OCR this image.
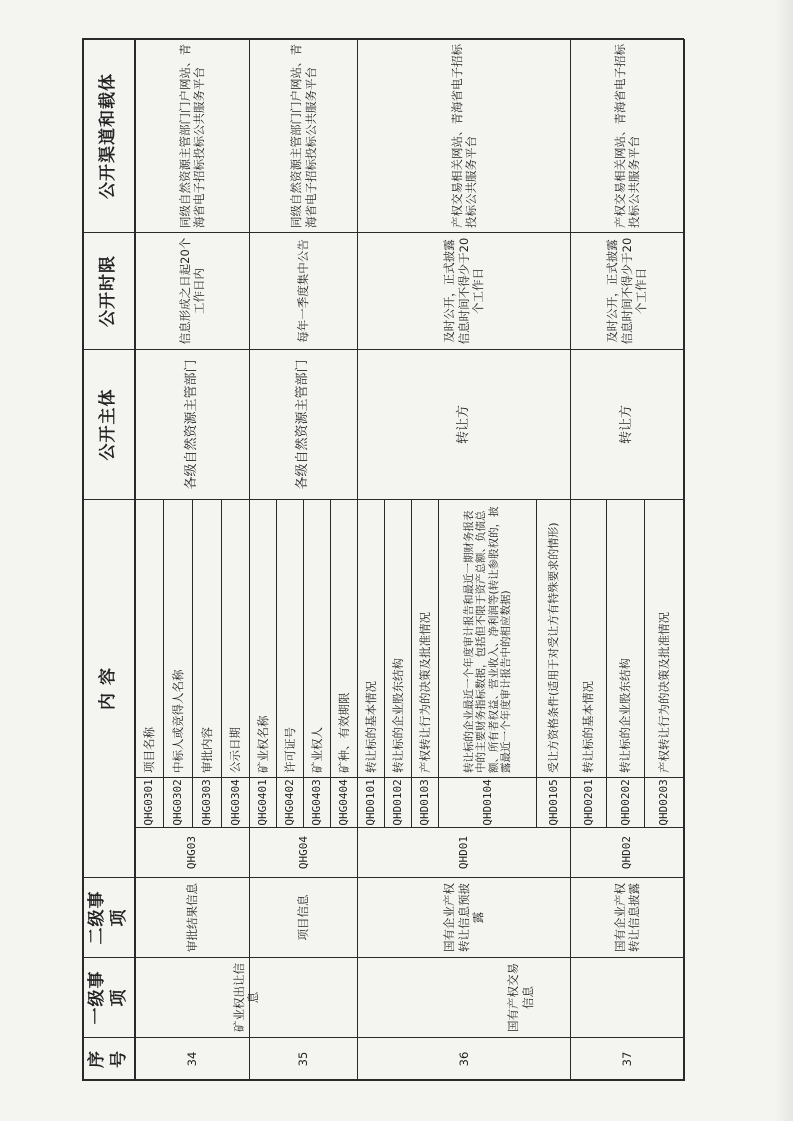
序号
一级事项
二级事项
内 容
公开主体
公开时限
公开渠道和载体
34
矿业权出让信息
审批结果信息
QHG03
QHG0301
项目名称
QHG0302
中标人或竞得人名称
QHG0303
审批内容
QHG0304
公示日期
各级自然资源主管部门
信息形成之日起20个工作日内
同级自然资源主管部门门户网站、青海省电子招标投标公共服务平台
35
项目信息
QHG04
QHG0401
矿业权名称
QHG0402
许可证号
QHG0403
矿业权人
QHG0404
矿种、有效期限
各级自然资源主管部门
每年一季度集中公告
同级自然资源主管部门门户网站、青海省电子招标投标公共服务平台
36
国有产权交易信息
国有企业产权转让信息预披露
QHD01
QHD0101
转让标的基本情况
QHD0102
转让标的企业股东结构
QHD0103
产权转让行为的决策及批准情况
QHD0104
转让标的企业最近一个年度审计报告和最近一期财务报表中的主要财务指标数据，包括但不限于资产总额、负债总额、所有者权益、营业收入、净利润等(转让参股权的，披露最近一个年度审计报告中的相应数据)
QHD0105
受让方资格条件(适用于对受让方有特殊要求的情形)
转让方
及时公开，正式披露信息时间不得少于20个工作日
产权交易相关网站、青海省电子招标投标公共服务平台
37
国有企业产权转让信息披露
QHD02
QHD0201
转让标的基本情况
QHD0202
转让标的企业股东结构
QHD0203
产权转让行为的决策及批准情况
转让方
及时公开，正式披露信息时间不得少于20个工作日
产权交易相关网站、青海省电子招标投标公共服务平台
